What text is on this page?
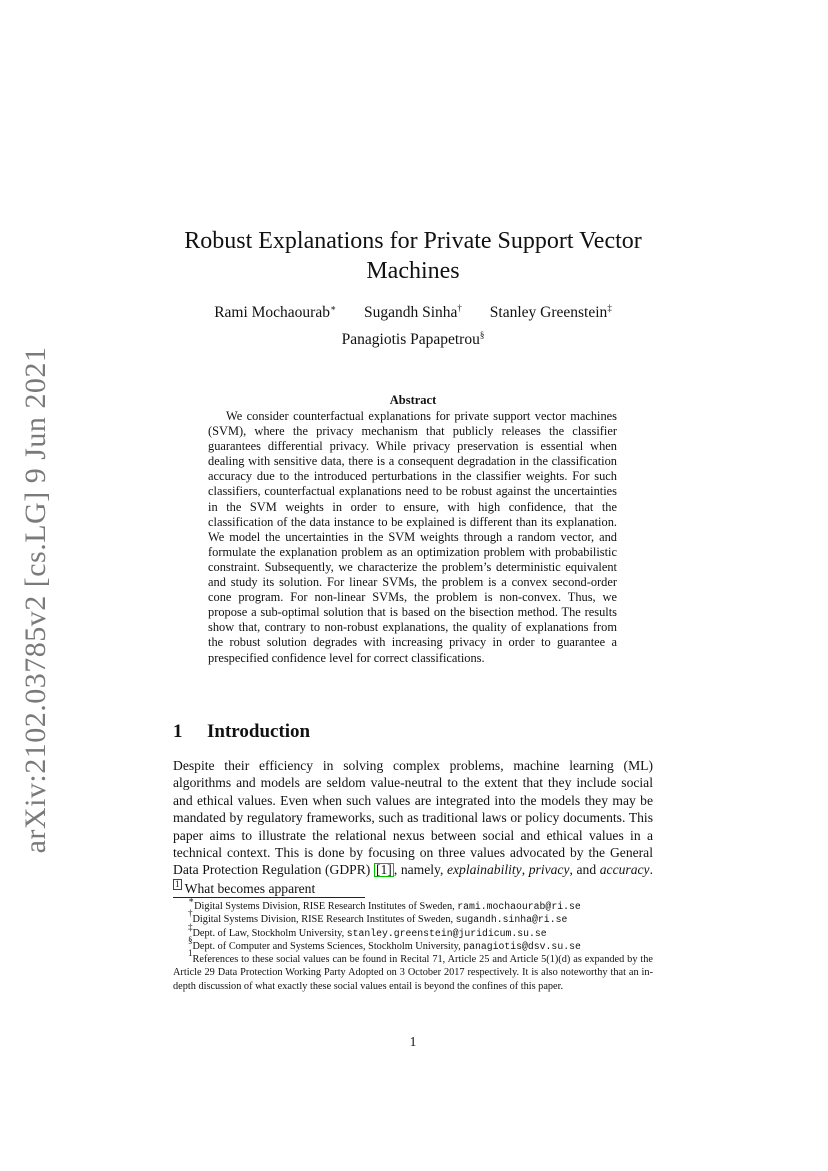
arXiv:2102.03785v2 [cs.LG] 9 Jun 2021
Robust Explanations for Private Support Vector Machines
Rami Mochaourab∗ Sugandh Sinha† Stanley Greenstein‡
Panagiotis Papapetrou§
Abstract

We consider counterfactual explanations for private support vector machines (SVM), where the privacy mechanism that publicly releases the classifier guarantees differential privacy. While privacy preservation is essential when dealing with sensitive data, there is a consequent degradation in the classification accuracy due to the introduced perturbations in the classifier weights. For such classifiers, counterfactual explanations need to be robust against the uncertainties in the SVM weights in order to ensure, with high confidence, that the classification of the data instance to be explained is different than its explanation. We model the uncertainties in the SVM weights through a random vector, and formulate the explanation problem as an optimization problem with probabilistic constraint. Subsequently, we characterize the problem’s deterministic equivalent and study its solution. For linear SVMs, the problem is a convex second-order cone program. For non-linear SVMs, the problem is non-convex. Thus, we propose a sub-optimal solution that is based on the bisection method. The results show that, contrary to non-robust explanations, the quality of explanations from the robust solution degrades with increasing privacy in order to guarantee a prespecified confidence level for correct classifications.

1 Introduction

Despite their efficiency in solving complex problems, machine learning (ML) algorithms and models are seldom value-neutral to the extent that they include social and ethical values. Even when such values are integrated into the models they may be mandated by regulatory frameworks, such as traditional laws or policy documents. This paper aims to illustrate the relational nexus between social and ethical values in a technical context. This is done by focusing on three values advocated by the General Data Protection Regulation (GDPR) [1] , namely, explainability, privacy, and accuracy.1 What becomes apparent

∗Digital Systems Division, RISE Research Institutes of Sweden, rami.mochaourab@ri.se

†Digital Systems Division, RISE Research Institutes of Sweden, sugandh.sinha@ri.se

‡Dept. of Law, Stockholm University, stanley.greenstein@juridicum.su.se

§Dept. of Computer and Systems Sciences, Stockholm University, panagiotis@dsv.su.se

$^1$References to these social values can be found in Recital 71, Article 25 and Article 5(1)(d) as expanded by the Article 29 Data Protection Working Party Adopted on 3 October 2017 respectively. It is also noteworthy that an in-depth discussion of what exactly these social values entail is beyond the confines of this paper.

1
